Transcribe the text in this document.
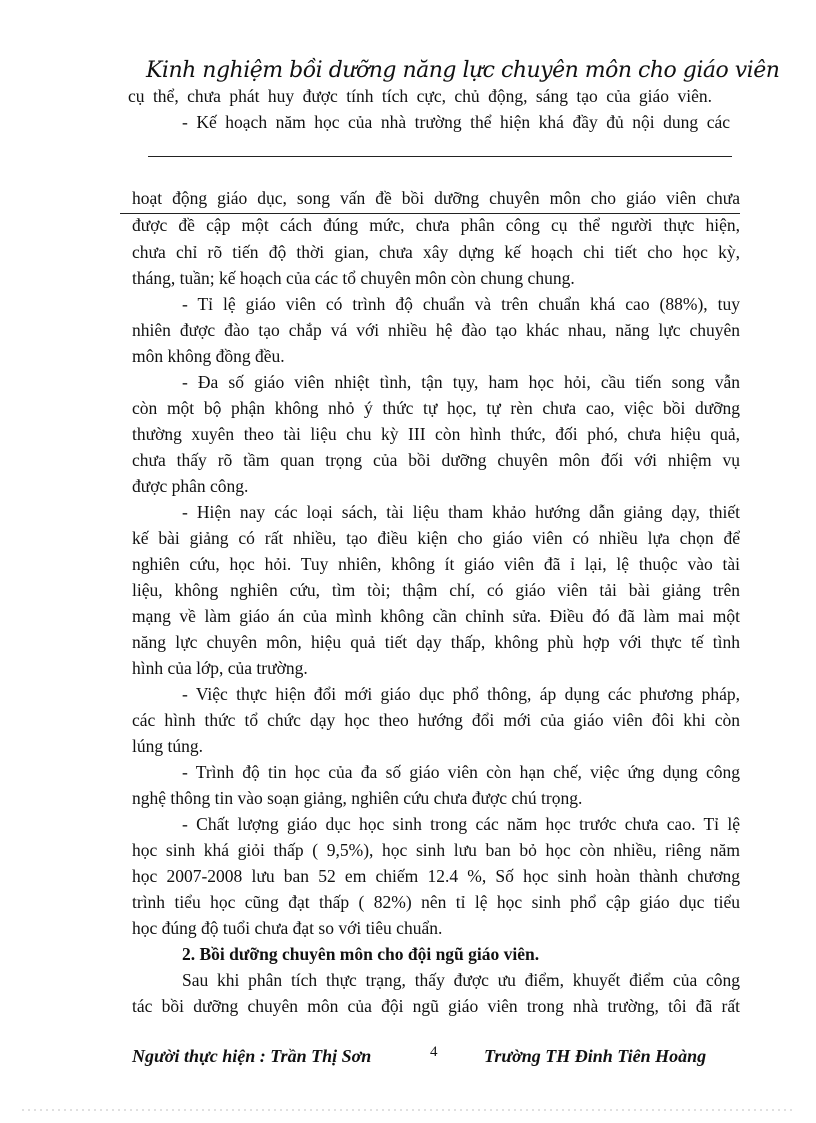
Kinh nghiệm bồi dưỡng năng lực chuyên môn cho giáo viên
cụ thể, chưa phát huy được tính tích cực, chủ động, sáng tạo của giáo viên.
- Kế hoạch năm học của nhà trường thể hiện khá đầy đủ nội dung các
hoạt động giáo dục, song vấn đề bồi dưỡng chuyên môn cho giáo viên chưa
được đề cập một cách đúng mức, chưa phân công cụ thể người thực hiện,
chưa chỉ rõ tiến độ thời gian, chưa xây dựng kế hoạch chi tiết cho học kỳ,
tháng, tuần; kế hoạch của các tổ chuyên môn còn chung chung.
- Tỉ lệ giáo viên có trình độ chuẩn và trên chuẩn khá cao (88%), tuy
nhiên được đào tạo chắp vá với nhiều hệ đào tạo khác nhau, năng lực chuyên
môn không đồng đều.
- Đa số giáo viên nhiệt tình, tận tụy, ham học hỏi, cầu tiến song vẫn
còn một bộ phận không nhỏ ý thức tự học, tự rèn chưa cao, việc bồi dưỡng
thường xuyên theo tài liệu chu kỳ III còn hình thức, đối phó, chưa hiệu quả,
chưa thấy rõ tầm quan trọng của bồi dưỡng chuyên môn đối với nhiệm vụ
được phân công.
- Hiện nay các loại sách, tài liệu tham khảo hướng dẫn giảng dạy, thiết
kế bài giảng có rất nhiều, tạo điều kiện cho giáo viên có nhiều lựa chọn để
nghiên cứu, học hỏi. Tuy nhiên, không ít giáo viên đã ỉ lại, lệ thuộc vào tài
liệu, không nghiên cứu, tìm tòi; thậm chí, có giáo viên tải bài giảng trên
mạng về làm giáo án của mình không cần chỉnh sửa. Điều đó đã làm mai một
năng lực chuyên môn, hiệu quả tiết dạy thấp, không phù hợp với thực tế tình
hình của lớp, của trường.
- Việc thực hiện đổi mới giáo dục phổ thông, áp dụng các phương pháp,
các hình thức tổ chức dạy học theo hướng đổi mới của giáo viên đôi khi còn
lúng túng.
- Trình độ tin học của đa số giáo viên còn hạn chế, việc ứng dụng công
nghệ thông tin vào soạn giảng, nghiên cứu chưa được chú trọng.
- Chất lượng giáo dục học sinh trong các năm học trước chưa cao. Tỉ lệ
học sinh khá giỏi thấp ( 9,5%), học sinh lưu ban bỏ học còn nhiều, riêng năm
học 2007-2008 lưu ban 52 em chiếm 12.4 %, Số học sinh hoàn thành chương
trình tiểu học cũng đạt thấp ( 82%) nên tỉ lệ học sinh phổ cập giáo dục tiểu
học đúng độ tuổi chưa đạt so với tiêu chuẩn.
2. Bồi dưỡng chuyên môn cho đội ngũ giáo viên.
Sau khi phân tích thực trạng, thấy được ưu điểm, khuyết điểm của công
tác bồi dưỡng chuyên môn của đội ngũ giáo viên trong nhà trường, tôi đã rất
Người thực hiện : Trần Thị Sơn	4	Trường TH Đinh Tiên Hoàng
